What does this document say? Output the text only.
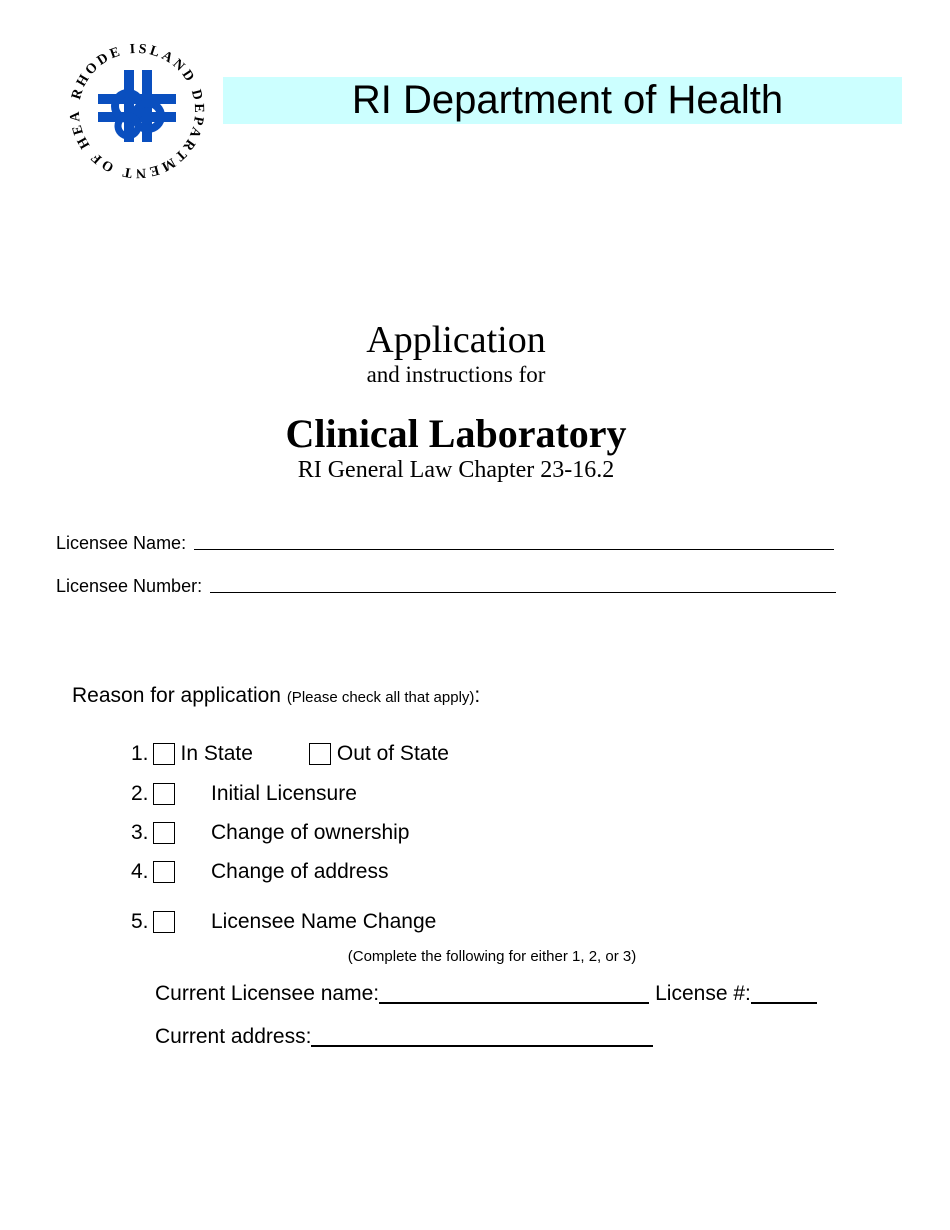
RHODE ISLAND DEPARTMENT OF HEA	RI Department of Health
Application
and instructions for
Clinical Laboratory
RI General Law Chapter 23-16.2
Licensee Name:
Licensee Number:
Reason for application (Please check all that apply):
1. In State	Out of State
2.	Initial Licensure
3.	Change of ownership
4.	Change of address
5.	Licensee Name Change
(Complete the following for either 1, 2, or 3)
Current Licensee name:	License #:
Current address:
